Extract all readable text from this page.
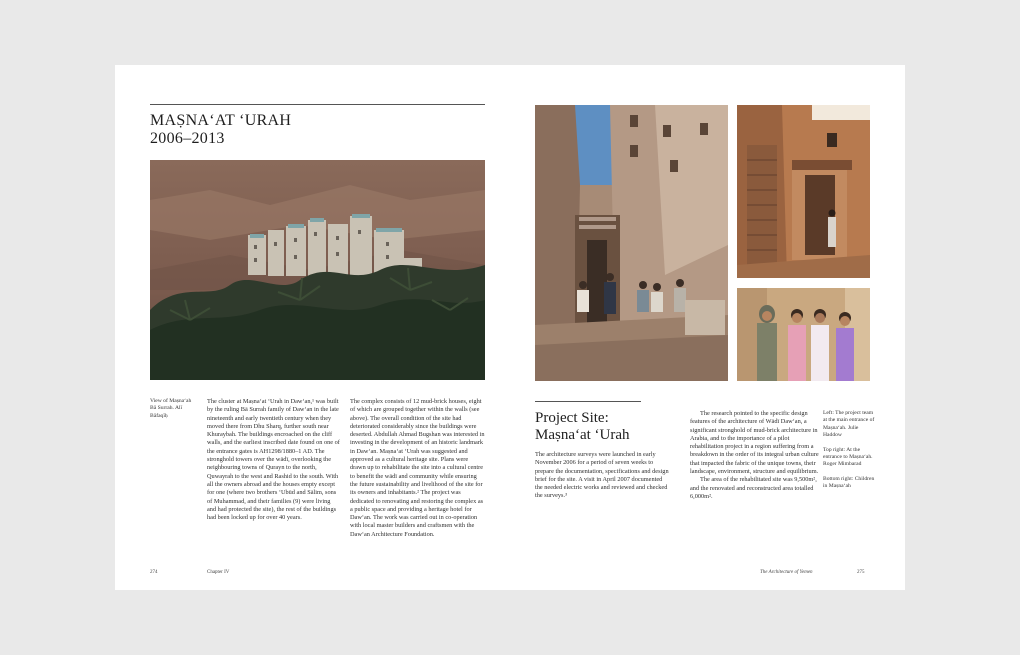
MAṢNA‘AT ‘URAH
2006–2013
View of Maṣna‘ah Bā Surrah. Alī Bāfaqīḥ
The cluster at Maṣna‘at ‘Urah in Daw‘an,¹ was built by the ruling Bā Surrah family of Daw‘an in the late nineteenth and early twentieth century when they moved there from Dhu Sharq, further south near Khuraybah. The buildings encroached on the cliff walls, and the earliest inscribed date found on one of the entrance gates is AH1298/1880–1 AD. The stronghold towers over the wādī, overlooking the neighbouring towns of Qurayn to the north, Quwayrah to the west and Rashid to the south. With all the owners abroad and the houses empty except for one (where two brothers ‘Ubūd and Sālim, sons of Muhammad, and their families (9) were living and had protected the site), the rest of the buildings had been locked up for over 40 years.
The complex consists of 12 mud-brick houses, eight of which are grouped together within the walls (see above). The overall condition of the site had deteriorated considerably since the buildings were deserted. Abdullah Ahmad Bugshan was interested in investing in the development of an historic landmark in Daw‘an. Maṣna‘at ‘Urah was suggested and approved as a cultural heritage site. Plans were drawn up to rehabilitate the site into a cultural centre to benefit the wādī and community while ensuring the future sustainability and livelihood of the site for its owners and inhabitants.² The project was dedicated to renovating and restoring the complex as a public space and providing a heritage hotel for Daw‘an. The work was carried out in co-operation with local master builders and craftsmen with the Daw‘an Architecture Foundation.
274	Chapter IV
Project Site:
Maṣna‘at ‘Urah
The architecture surveys were launched in early November 2006 for a period of seven weeks to prepare the documentation, specifications and design brief for the site. A visit in April 2007 documented the needed electric works and reviewed and checked the surveys.³
The research pointed to the specific design features of the architecture of Wādī Daw‘an, a significant stronghold of mud-brick architecture in Arabia, and to the importance of a pilot rehabilitation project in a region suffering from a breakdown in the order of its integral urban culture that impacted the fabric of the unique towns, their landscape, environment, structure and equilibrium.
The area of the rehabilitated site was 9,500m², and the renovated and reconstructed area totalled 6,000m².
Left: The project team at the main entrance of Maṣna‘ah. Julie Haddow
Top right: At the entrance to Maṣna‘ah. Roger Mimbarad
Bottom right: Children in Maṣna‘ah
The Architecture of Yemen	275
